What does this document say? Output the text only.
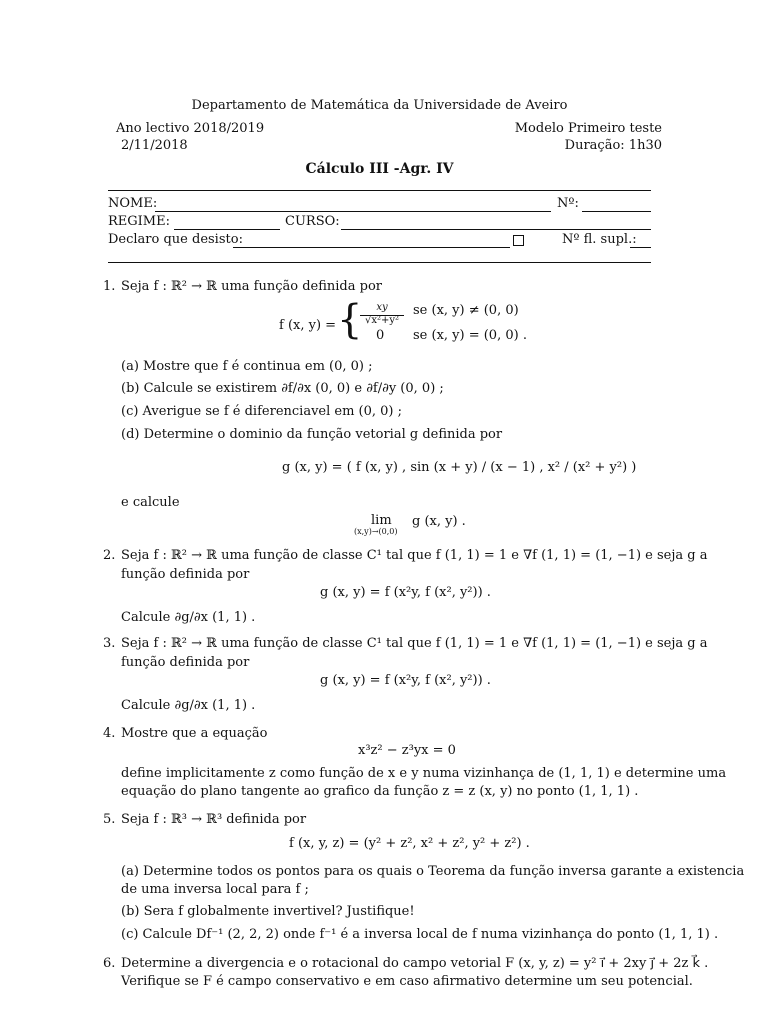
Departamento de Matemática da Universidade de Aveiro
Ano lectivo 2018/2019
2/11/2018
Modelo Primeiro teste
Duração: 1h30
Cálculo III -Agr. IV
NOME:	Nº:
REGIME:	CURSO:
Declaro que desisto:	Nº fl. supl.:
1. Seja f : ℝ² → ℝ uma função definida por
f (x, y) = {	xy
√x²+y²
se (x, y) ≠ (0, 0)
0 se (x, y) = (0, 0) .
(a) Mostre que f é continua em (0, 0) ;
(b) Calcule se existirem ∂f/∂x (0, 0) e ∂f/∂y (0, 0) ;
(c) Averigue se f é diferenciavel em (0, 0) ;
(d) Determine o dominio da função vetorial g definida por
g (x, y) = ( f (x, y) , sin (x + y) / (x − 1) , x² / (x² + y²) )
e calcule
lim
(x,y)→(0,0)
g (x, y) .
2. Seja f : ℝ² → ℝ uma função de classe C¹ tal que f (1, 1) = 1 e ∇f (1, 1) = (1, −1) e seja g a
função definida por
g (x, y) = f (x²y, f (x², y²)) .
Calcule ∂g/∂x (1, 1) .
3. Seja f : ℝ² → ℝ uma função de classe C¹ tal que f (1, 1) = 1 e ∇f (1, 1) = (1, −1) e seja g a
função definida por
g (x, y) = f (x²y, f (x², y²)) .
Calcule ∂g/∂x (1, 1) .
4. Mostre que a equação
x³z² − z³yx = 0
define implicitamente z como função de x e y numa vizinhança de (1, 1, 1) e determine uma
equação do plano tangente ao grafico da função z = z (x, y) no ponto (1, 1, 1) .
5. Seja f : ℝ³ → ℝ³ definida por
f (x, y, z) = (y² + z², x² + z², y² + z²) .
(a) Determine todos os pontos para os quais o Teorema da função inversa garante a existencia
de uma inversa local para f ;
(b) Sera f globalmente invertivel? Justifique!
(c) Calcule Df⁻¹ (2, 2, 2) onde f⁻¹ é a inversa local de f numa vizinhança do ponto (1, 1, 1) .
6. Determine a divergencia e o rotacional do campo vetorial F (x, y, z) = y² i⃗ + 2xy j⃗ + 2z k⃗ .
Verifique se F é campo conservativo e em caso afirmativo determine um seu potencial.
